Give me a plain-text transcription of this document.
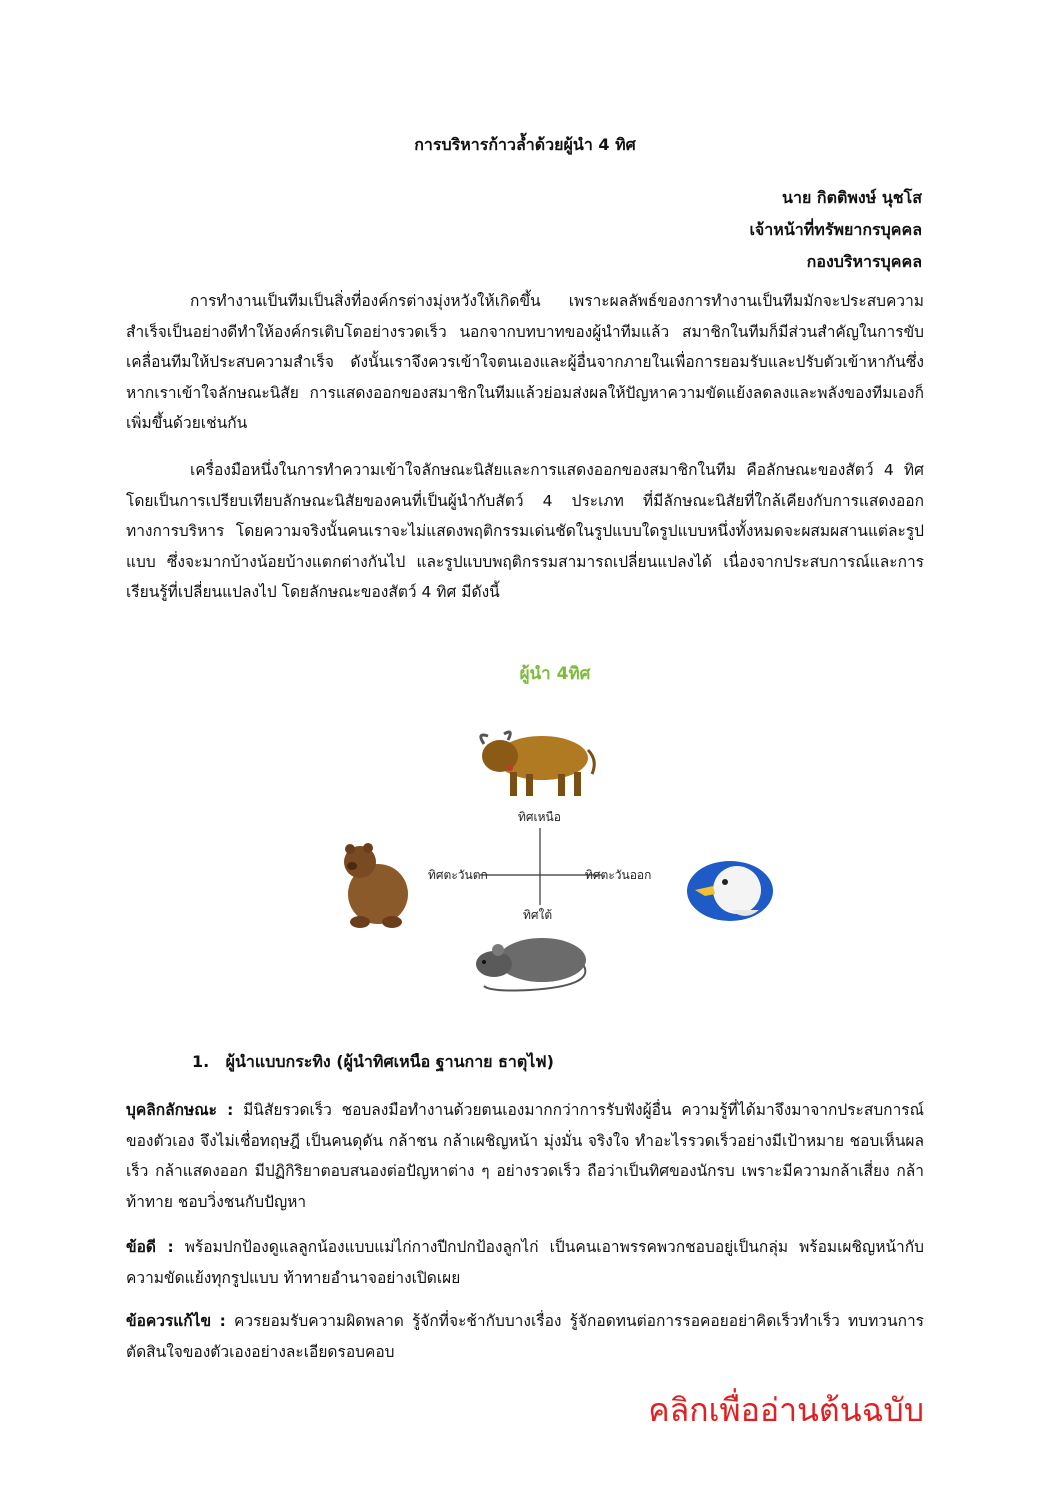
การบริหารก้าวล้ำด้วยผู้นำ 4 ทิศ
นาย กิตติพงษ์ นุชโส
เจ้าหน้าที่ทรัพยากรบุคคล
กองบริหารบุคคล

การทำงานเป็นทีมเป็นสิ่งที่องค์กรต่างมุ่งหวังให้เกิดขึ้น เพราะผลลัพธ์ของการทำงานเป็นทีมมักจะประสบความสำเร็จเป็นอย่างดีทำให้องค์กรเติบโตอย่างรวดเร็ว นอกจากบทบาทของผู้นำทีมแล้ว สมาชิกในทีมก็มีส่วนสำคัญในการขับเคลื่อนทีมให้ประสบความสำเร็จ ดังนั้นเราจึงควรเข้าใจตนเองและผู้อื่นจากภายในเพื่อการยอมรับและปรับตัวเข้าหากันซึ่งหากเราเข้าใจลักษณะนิสัย การแสดงออกของสมาชิกในทีมแล้วย่อมส่งผลให้ปัญหาความขัดแย้งลดลงและพลังของทีมเองก็เพิ่มขึ้นด้วยเช่นกัน

เครื่องมือหนึ่งในการทำความเข้าใจลักษณะนิสัยและการแสดงออกของสมาชิกในทีม คือลักษณะของสัตว์ 4 ทิศ โดยเป็นการเปรียบเทียบลักษณะนิสัยของคนที่เป็นผู้นำกับสัตว์ 4 ประเภท ที่มีลักษณะนิสัยที่ใกล้เคียงกับการแสดงออกทางการบริหาร โดยความจริงนั้นคนเราจะไม่แสดงพฤติกรรมเด่นชัดในรูปแบบใดรูปแบบหนึ่งทั้งหมดจะผสมผสานแต่ละรูปแบบ ซึ่งจะมากบ้างน้อยบ้างแตกต่างกันไป และรูปแบบพฤติกรรมสามารถเปลี่ยนแปลงได้ เนื่องจากประสบการณ์และการเรียนรู้ที่เปลี่ยนแปลงไป โดยลักษณะของสัตว์ 4 ทิศ มีดังนี้

ผู้นำ 4ทิศ
ทิศเหนือ
ทิศตะวันตก	ทิศตะวันออก
ทิศใต้
1. ผู้นำแบบกระทิง (ผู้นำทิศเหนือ ฐานกาย ธาตุไฟ)
บุคลิกลักษณะ : มีนิสัยรวดเร็ว ชอบลงมือทำงานด้วยตนเองมากกว่าการรับฟังผู้อื่น ความรู้ที่ได้มาจึงมาจากประสบการณ์ของตัวเอง จึงไม่เชื่อทฤษฎี เป็นคนดุดัน กล้าชน กล้าเผชิญหน้า มุ่งมั่น จริงใจ ทำอะไรรวดเร็วอย่างมีเป้าหมาย ชอบเห็นผลเร็ว กล้าแสดงออก มีปฏิกิริยาตอบสนองต่อปัญหาต่าง ๆ อย่างรวดเร็ว ถือว่าเป็นทิศของนักรบ เพราะมีความกล้าเสี่ยง กล้าท้าทาย ชอบวิ่งชนกับปัญหา
ข้อดี : พร้อมปกป้องดูแลลูกน้องแบบแม่ไก่กางปีกปกป้องลูกไก่ เป็นคนเอาพรรคพวกชอบอยู่เป็นกลุ่ม พร้อมเผชิญหน้ากับความขัดแย้งทุกรูปแบบ ท้าทายอำนาจอย่างเปิดเผย
ข้อควรแก้ไข : ควรยอมรับความผิดพลาด รู้จักที่จะช้ากับบางเรื่อง รู้จักอดทนต่อการรอคอยอย่าคิดเร็วทำเร็ว ทบทวนการตัดสินใจของตัวเองอย่างละเอียดรอบคอบ
คลิกเพื่ออ่านต้นฉบับ
